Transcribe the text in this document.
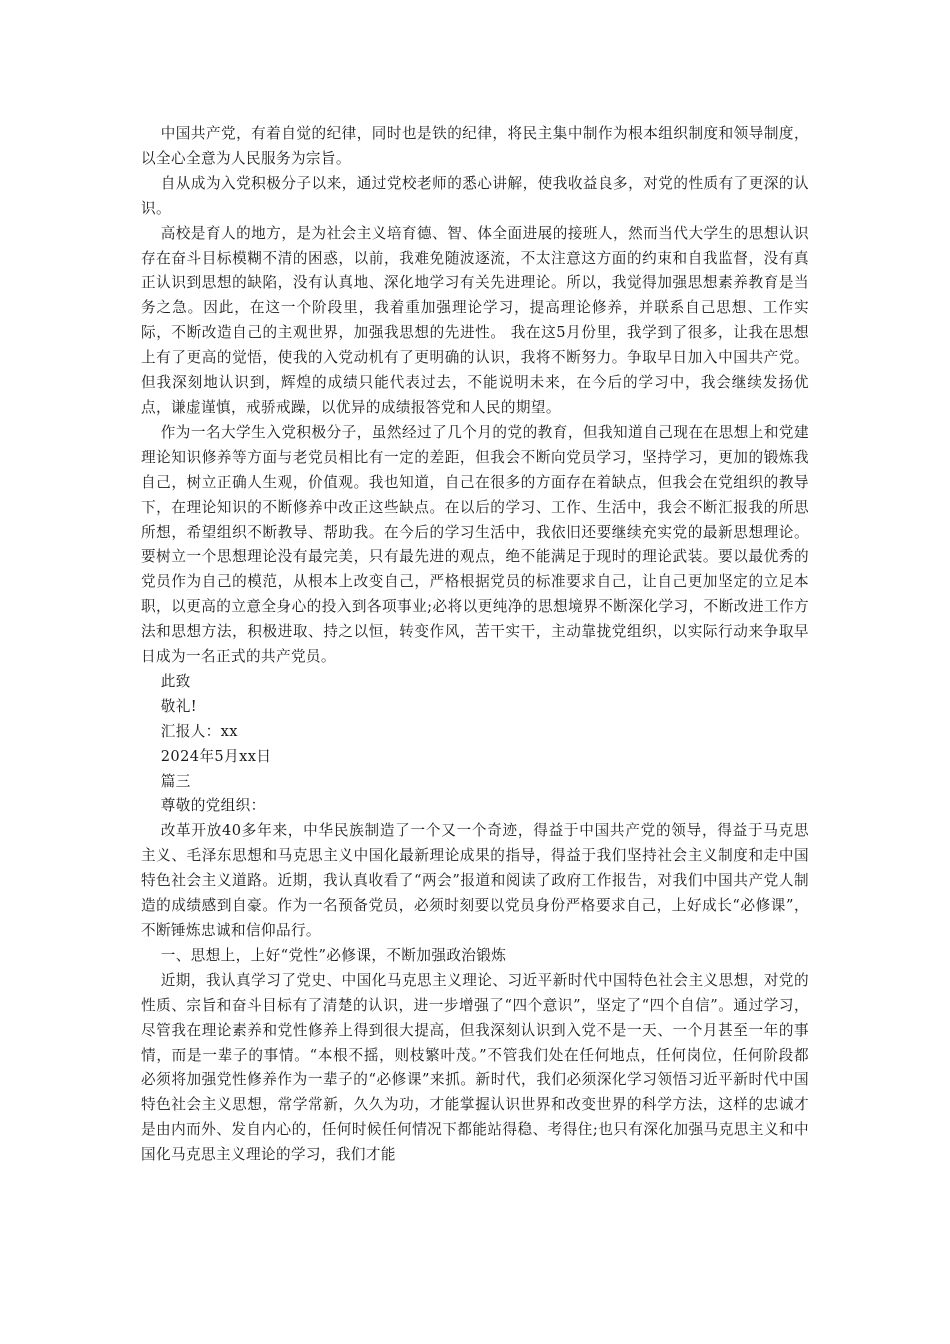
中国共产党，有着自觉的纪律，同时也是铁的纪律，将民主集中制作为根本组织制度和领导制度，以全心全意为人民服务为宗旨。

自从成为入党积极分子以来，通过党校老师的悉心讲解，使我收益良多，对党的性质有了更深的认识。

高校是育人的地方，是为社会主义培育德、智、体全面进展的接班人，然而当代大学生的思想认识存在奋斗目标模糊不清的困惑，以前，我难免随波逐流，不太注意这方面的约束和自我监督，没有真正认识到思想的缺陷，没有认真地、深化地学习有关先进理论。所以，我觉得加强思想素养教育是当务之急。因此，在这一个阶段里，我着重加强理论学习，提高理论修养，并联系自己思想、工作实际，不断改造自己的主观世界，加强我思想的先进性。 我在这5月份里，我学到了很多，让我在思想上有了更高的觉悟，使我的入党动机有了更明确的认识，我将不断努力。争取早日加入中国共产党。但我深刻地认识到，辉煌的成绩只能代表过去，不能说明未来，在今后的学习中，我会继续发扬优点，谦虚谨慎，戒骄戒躁，以优异的成绩报答党和人民的期望。

作为一名大学生入党积极分子，虽然经过了几个月的党的教育，但我知道自己现在在思想上和党建理论知识修养等方面与老党员相比有一定的差距，但我会不断向党员学习，坚持学习，更加的锻炼我自己，树立正确人生观，价值观。我也知道，自己在很多的方面存在着缺点，但我会在党组织的教导下，在理论知识的不断修养中改正这些缺点。在以后的学习、工作、生活中，我会不断汇报我的所思所想，希望组织不断教导、帮助我。在今后的学习生活中，我依旧还要继续充实党的最新思想理论。要树立一个思想理论没有最完美，只有最先进的观点，绝不能满足于现时的理论武装。要以最优秀的党员作为自己的模范，从根本上改变自己，严格根据党员的标准要求自己，让自己更加坚定的立足本职，以更高的立意全身心的投入到各项事业;必将以更纯净的思想境界不断深化学习，不断改进工作方法和思想方法，积极进取、持之以恒，转变作风，苦干实干，主动靠拢党组织，以实际行动来争取早日成为一名正式的共产党员。

此致

敬礼!

汇报人：xx

2024年5月xx日

篇三

尊敬的党组织：

改革开放40多年来，中华民族制造了一个又一个奇迹，得益于中国共产党的领导，得益于马克思主义、毛泽东思想和马克思主义中国化最新理论成果的指导，得益于我们坚持社会主义制度和走中国特色社会主义道路。近期，我认真收看了“两会”报道和阅读了政府工作报告，对我们中国共产党人制造的成绩感到自豪。作为一名预备党员，必须时刻要以党员身份严格要求自己，上好成长“必修课”，不断锤炼忠诚和信仰品行。

一、思想上，上好“党性”必修课，不断加强政治锻炼

近期，我认真学习了党史、中国化马克思主义理论、习近平新时代中国特色社会主义思想，对党的性质、宗旨和奋斗目标有了清楚的认识，进一步增强了“四个意识”，坚定了“四个自信”。通过学习，尽管我在理论素养和党性修养上得到很大提高，但我深刻认识到入党不是一天、一个月甚至一年的事情，而是一辈子的事情。“本根不摇，则枝繁叶茂。”不管我们处在任何地点，任何岗位，任何阶段都必须将加强党性修养作为一辈子的“必修课”来抓。新时代，我们必须深化学习领悟习近平新时代中国特色社会主义思想，常学常新，久久为功，才能掌握认识世界和改变世界的科学方法，这样的忠诚才是由内而外、发自内心的，任何时候任何情况下都能站得稳、考得住;也只有深化加强马克思主义和中国化马克思主义理论的学习，我们才能
